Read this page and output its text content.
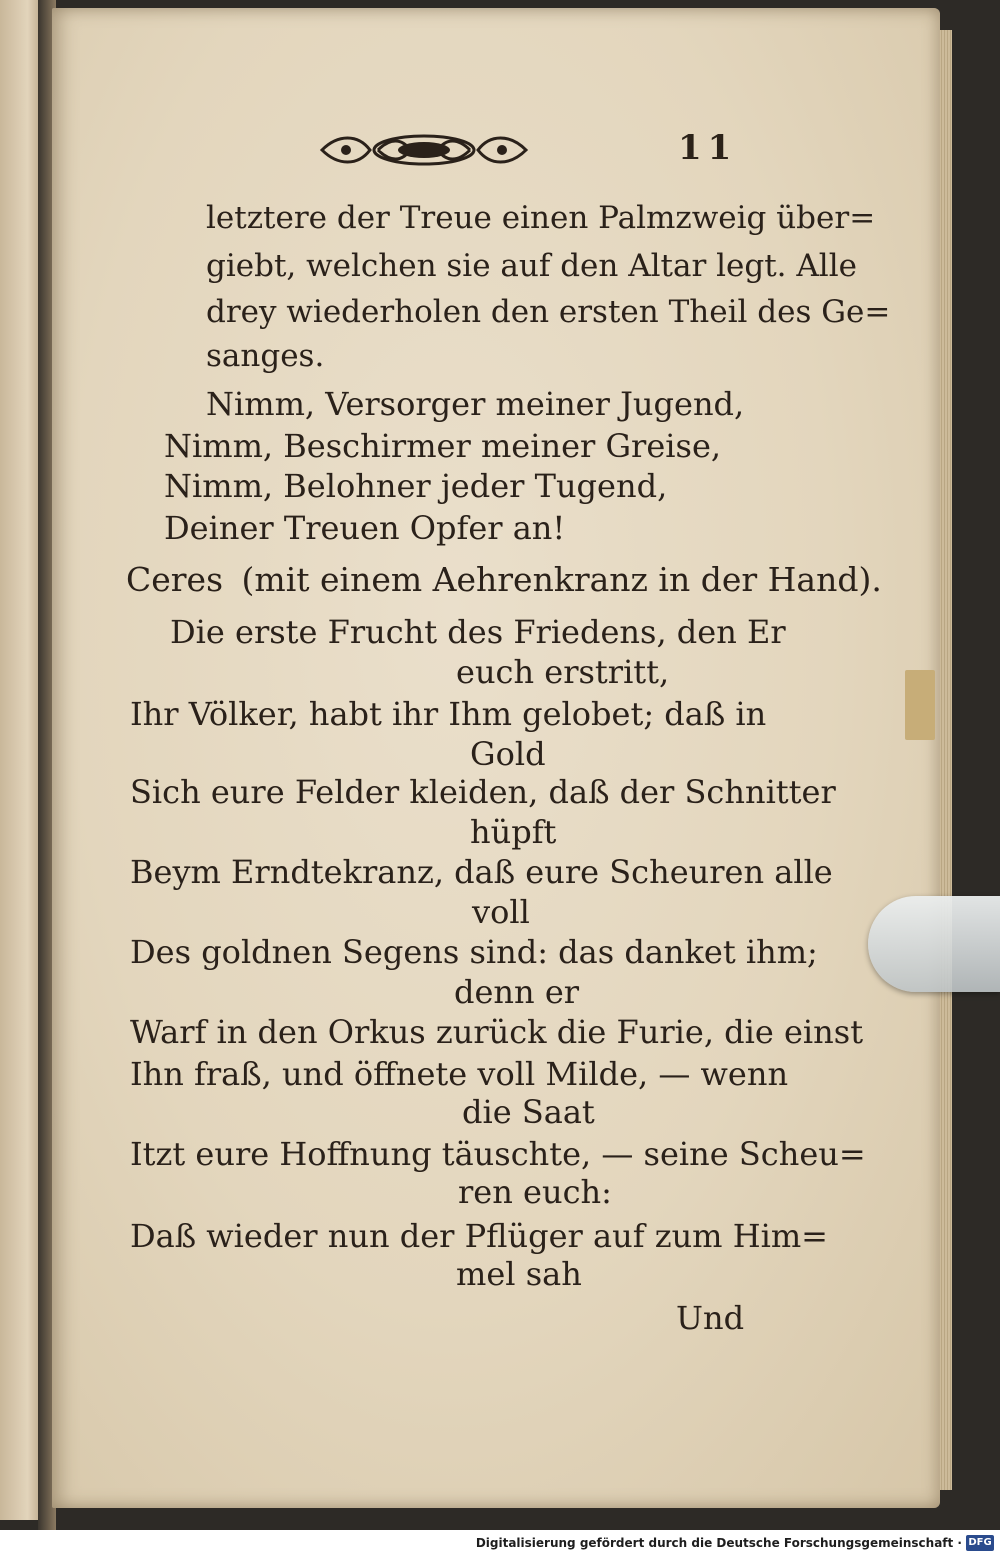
11
letztere der Treue einen Palmzweig über=
giebt, welchen sie auf den Altar legt. Alle
drey wiederholen den ersten Theil des Ge=
sanges.
Nimm, Versorger meiner Jugend,
Nimm, Beschirmer meiner Greise,
Nimm, Belohner jeder Tugend,
Deiner Treuen Opfer an!
Ceres (mit einem Aehrenkranz in der Hand).
Die erste Frucht des Friedens, den Er
euch erstritt,
Ihr Völker, habt ihr Ihm gelobet; daß in
Gold
Sich eure Felder kleiden, daß der Schnitter
hüpft
Beym Erndtekranz, daß eure Scheuren alle
voll
Des goldnen Segens sind: das danket ihm;
denn er
Warf in den Orkus zurück die Furie, die einst
Ihn fraß, und öffnete voll Milde, — wenn
die Saat
Itzt eure Hoffnung täuschte, — seine Scheu=
ren euch:
Daß wieder nun der Pflüger auf zum Him=
mel sah
Und
Digitalisierung gefördert durch die Deutsche Forschungsgemeinschaft · DFG
